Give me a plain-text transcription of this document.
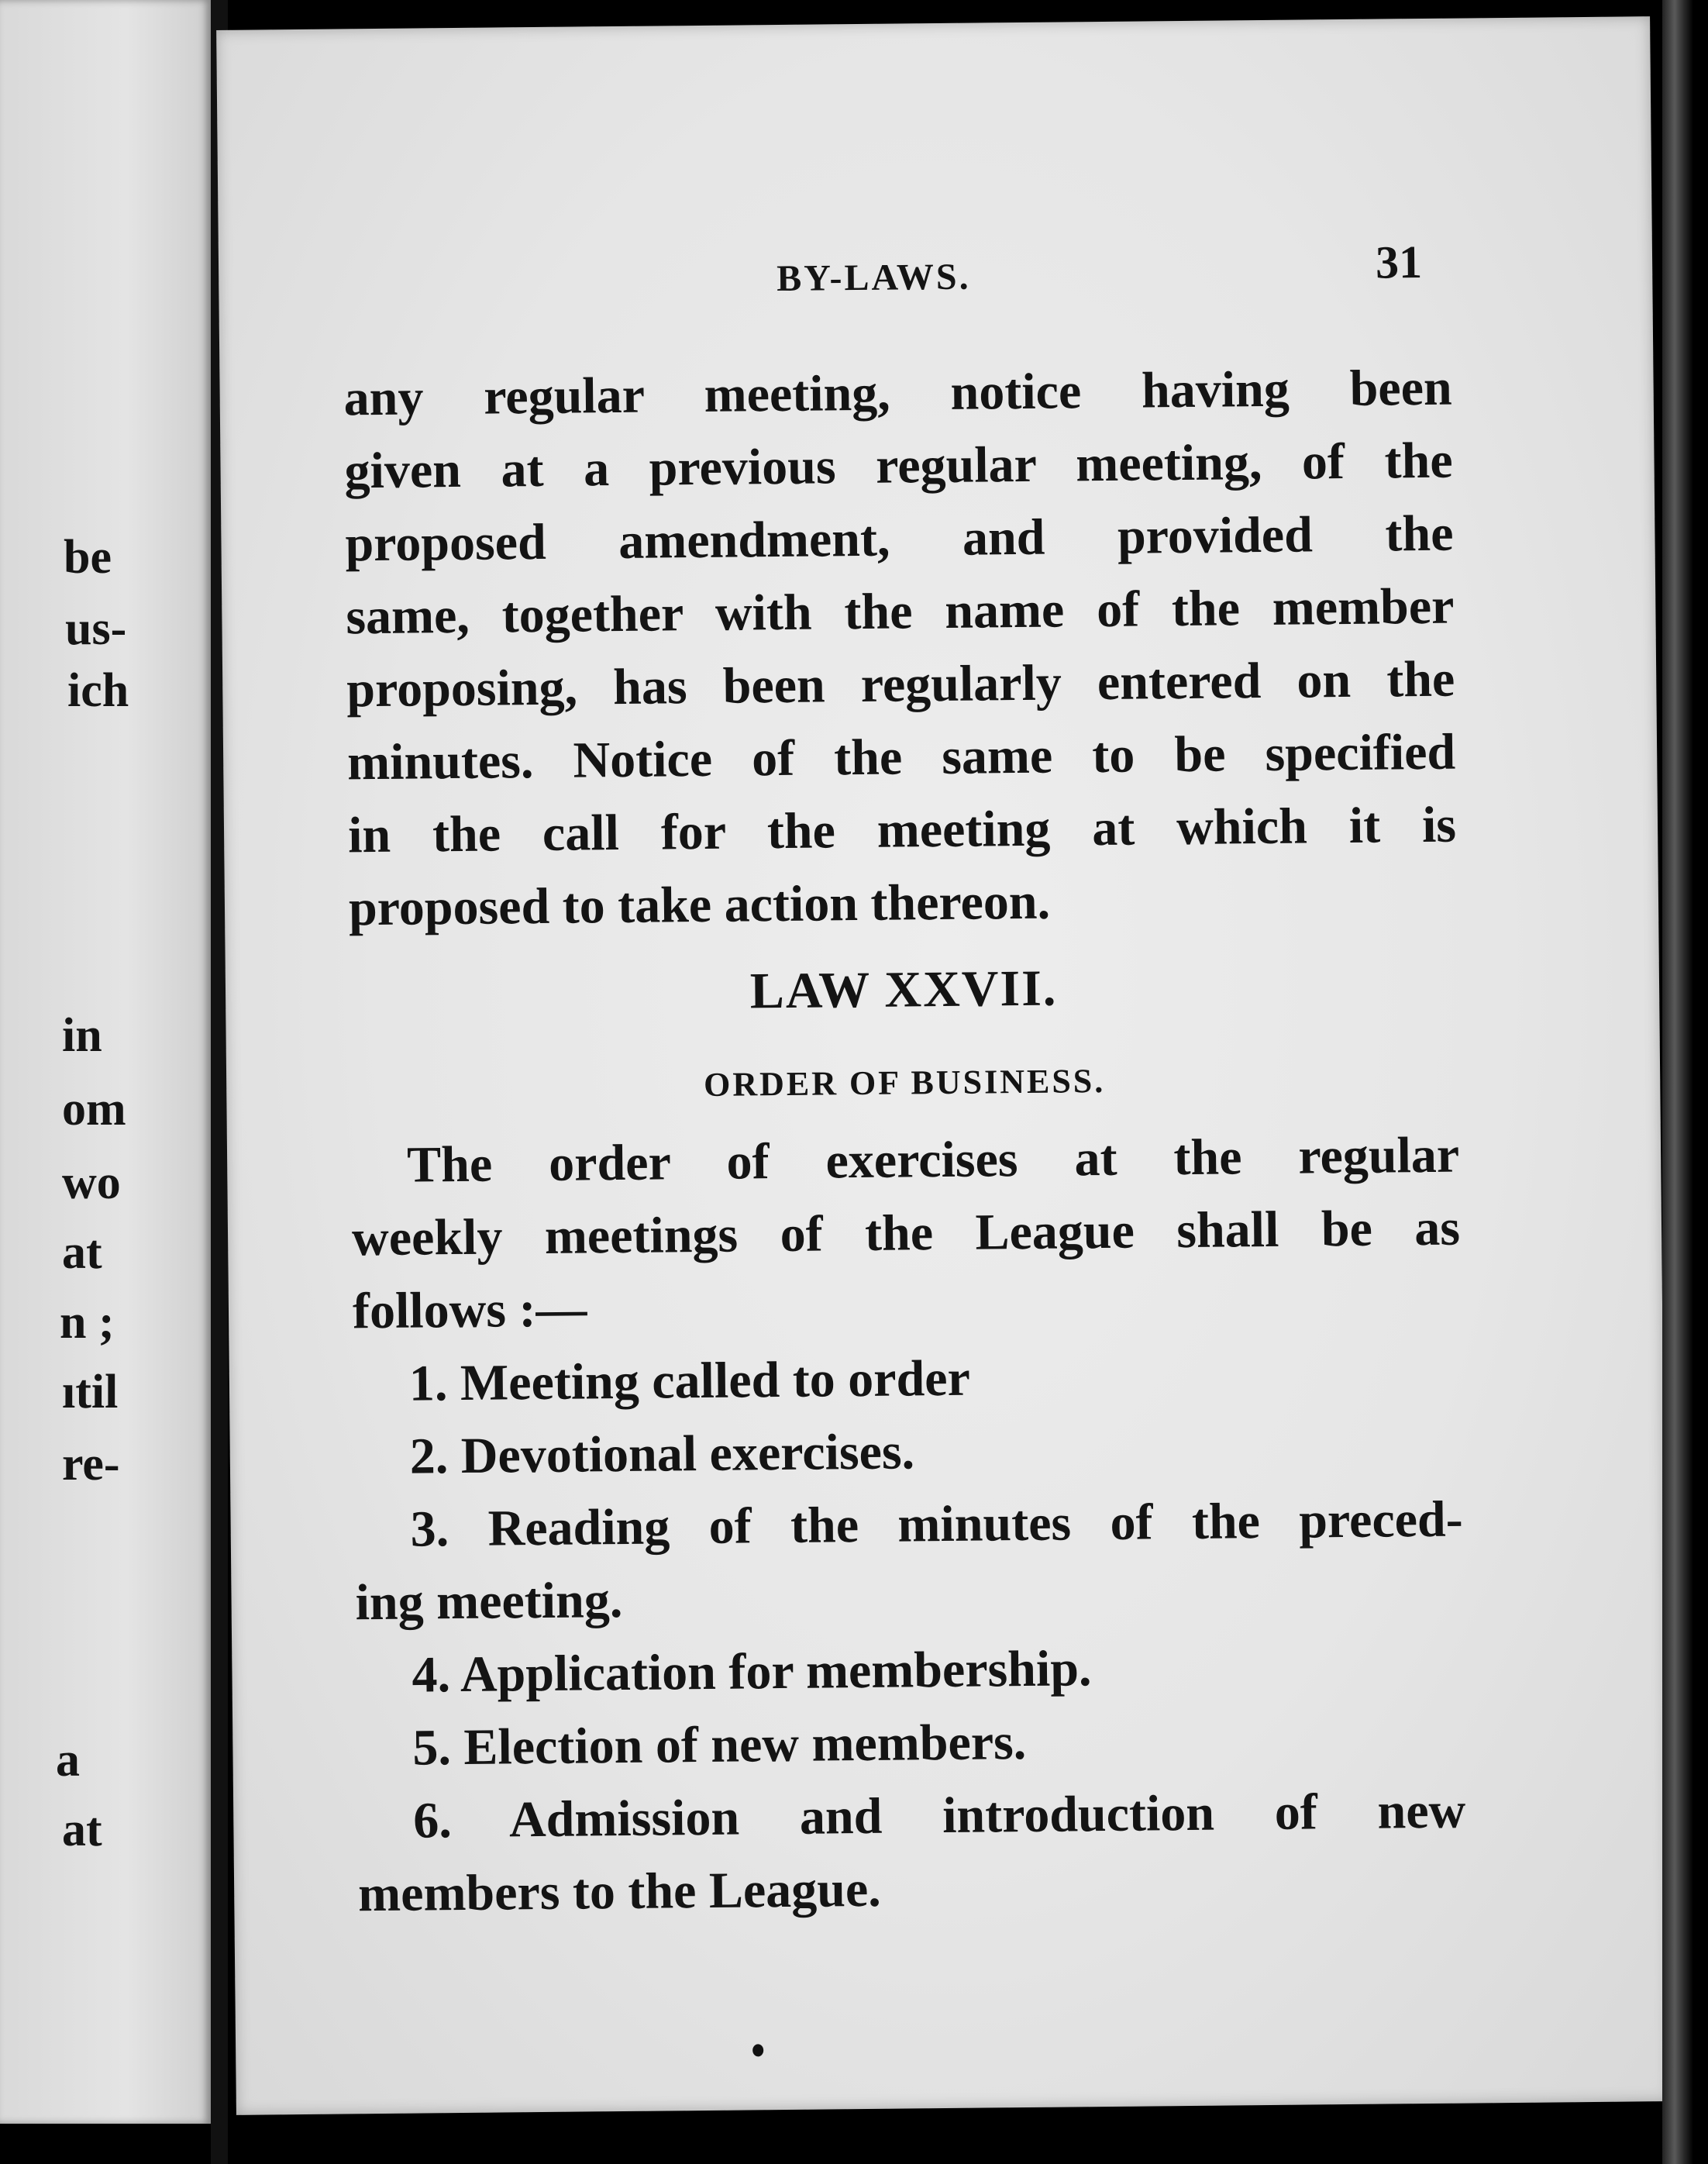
be
us-
ich
in
om
wo
at
n ;
ıtil
re-
a
at
BY-LAWS.	31
any regular meeting, notice having been
given at a previous regular meeting, of the
proposed amendment, and provided the
same, together with the name of the member
proposing, has been regularly entered on the
minutes. Notice of the same to be specified
in the call for the meeting at which it is
proposed to take action thereon.
LAW XXVII.
ORDER OF BUSINESS.
The order of exercises at the regular
weekly meetings of the League shall be as
follows :—
1. Meeting called to order
2. Devotional exercises.
3. Reading of the minutes of the preced-
ing meeting.
4. Application for membership.
5. Election of new members.
6. Admission and introduction of new
members to the League.
